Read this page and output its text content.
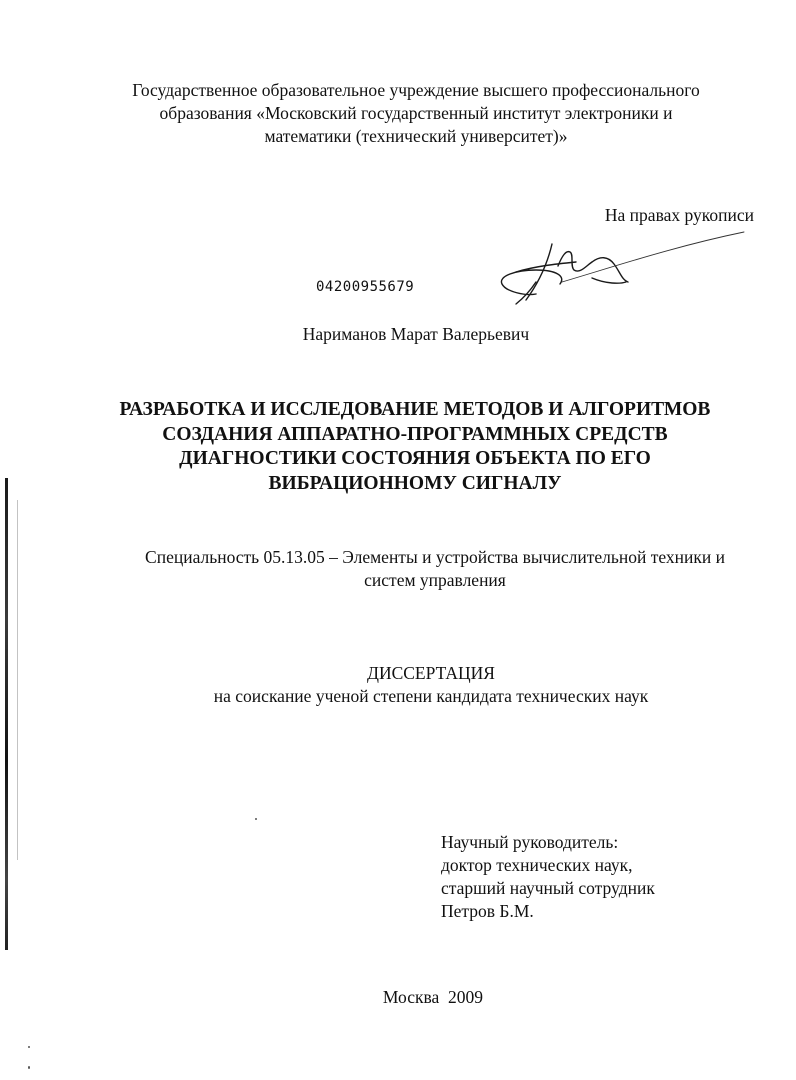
Государственное образовательное учреждение высшего профессионального
образования «Московский государственный институт электроники и
математики (технический университет)»
На правах рукописи
04200955679
Нариманов Марат Валерьевич
РАЗРАБОТКА И ИССЛЕДОВАНИЕ МЕТОДОВ И АЛГОРИТМОВ
СОЗДАНИЯ АППАРАТНО-ПРОГРАММНЫХ СРЕДСТВ
ДИАГНОСТИКИ СОСТОЯНИЯ ОБЪЕКТА ПО ЕГО
ВИБРАЦИОННОМУ СИГНАЛУ
Специальность 05.13.05 – Элементы и устройства вычислительной техники и
систем управления
ДИССЕРТАЦИЯ
на соискание ученой степени кандидата технических наук
Научный руководитель:
доктор технических наук,
старший научный сотрудник
Петров Б.М.
Москва  2009
